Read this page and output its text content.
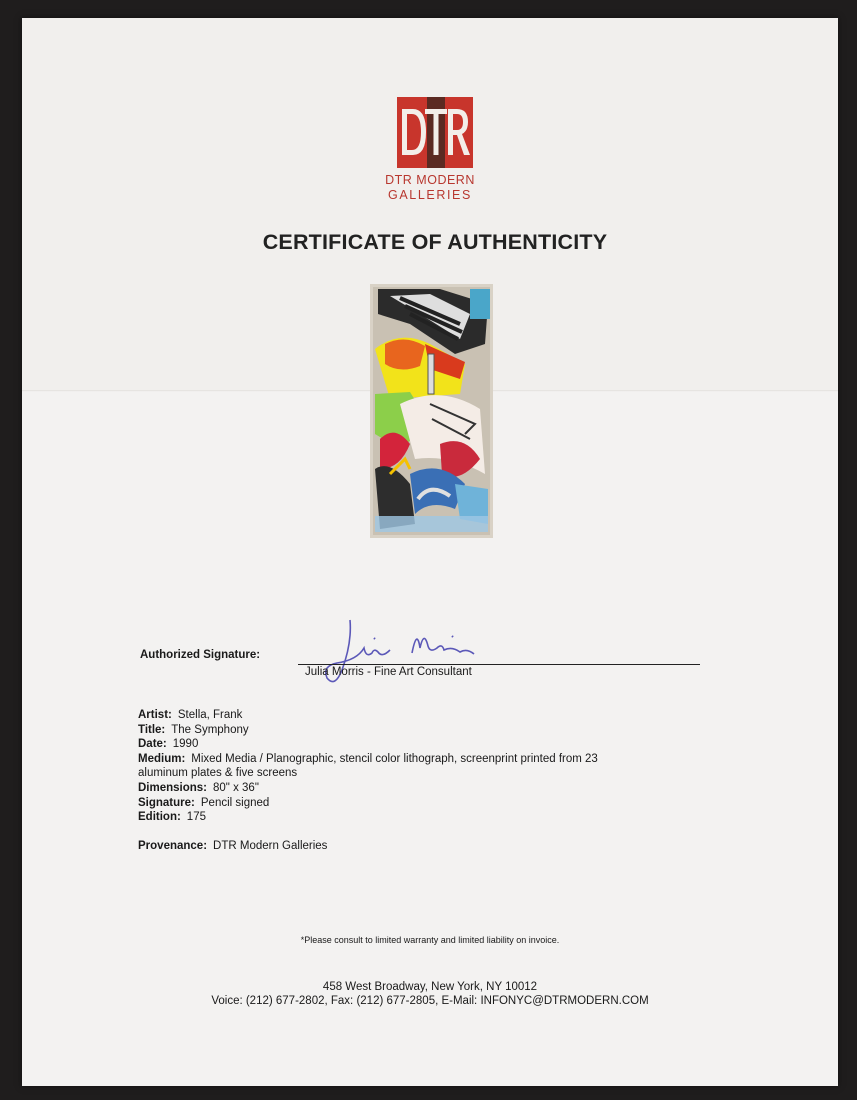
DTR MODERN
GALLERIES
CERTIFICATE OF AUTHENTICITY
Authorized Signature:
Julia Morris - Fine Art Consultant
Artist: Stella, Frank
Title: The Symphony
Date: 1990
Medium: Mixed Media / Planographic, stencil color lithograph, screenprint printed from 23
aluminum plates & five screens
Dimensions: 80" x 36"
Signature: Pencil signed
Edition: 175
Provenance: DTR Modern Galleries
*Please consult to limited warranty and limited liability on invoice.
458 West Broadway, New York, NY 10012
Voice: (212) 677-2802, Fax: (212) 677-2805, E-Mail: INFONYC@DTRMODERN.COM
